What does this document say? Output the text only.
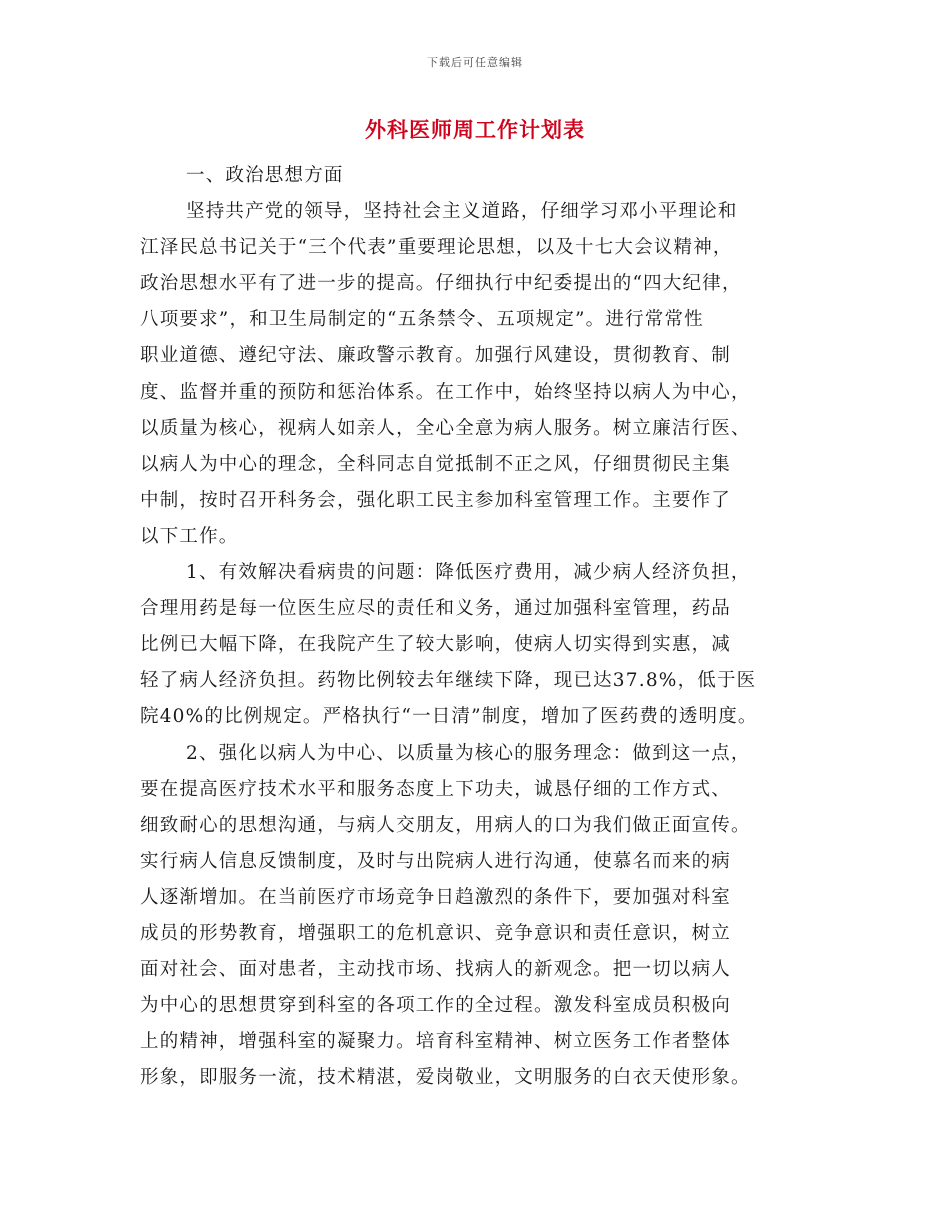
下载后可任意编辑
外科医师周工作计划表
一、政治思想方面
坚持共产党的领导，坚持社会主义道路，仔细学习邓小平理论和
江泽民总书记关于“三个代表”重要理论思想，以及十七大会议精神，
政治思想水平有了进一步的提高。仔细执行中纪委提出的“四大纪律，
八项要求”，和卫生局制定的“五条禁令、五项规定”。进行常常性
职业道德、遵纪守法、廉政警示教育。加强行风建设，贯彻教育、制
度、监督并重的预防和惩治体系。在工作中，始终坚持以病人为中心，
以质量为核心，视病人如亲人，全心全意为病人服务。树立廉洁行医、
以病人为中心的理念，全科同志自觉抵制不正之风，仔细贯彻民主集
中制，按时召开科务会，强化职工民主参加科室管理工作。主要作了
以下工作。
1、有效解决看病贵的问题：降低医疗费用，减少病人经济负担，
合理用药是每一位医生应尽的责任和义务，通过加强科室管理，药品
比例已大幅下降，在我院产生了较大影响，使病人切实得到实惠，减
轻了病人经济负担。药物比例较去年继续下降，现已达37.8%，低于医
院40%的比例规定。严格执行“一日清”制度，增加了医药费的透明度。
2、强化以病人为中心、以质量为核心的服务理念：做到这一点，
要在提高医疗技术水平和服务态度上下功夫，诚恳仔细的工作方式、
细致耐心的思想沟通，与病人交朋友，用病人的口为我们做正面宣传。
实行病人信息反馈制度，及时与出院病人进行沟通，使慕名而来的病
人逐渐增加。在当前医疗市场竞争日趋激烈的条件下，要加强对科室
成员的形势教育，增强职工的危机意识、竞争意识和责任意识，树立
面对社会、面对患者，主动找市场、找病人的新观念。把一切以病人
为中心的思想贯穿到科室的各项工作的全过程。激发科室成员积极向
上的精神，增强科室的凝聚力。培育科室精神、树立医务工作者整体
形象，即服务一流，技术精湛，爱岗敬业，文明服务的白衣天使形象。
